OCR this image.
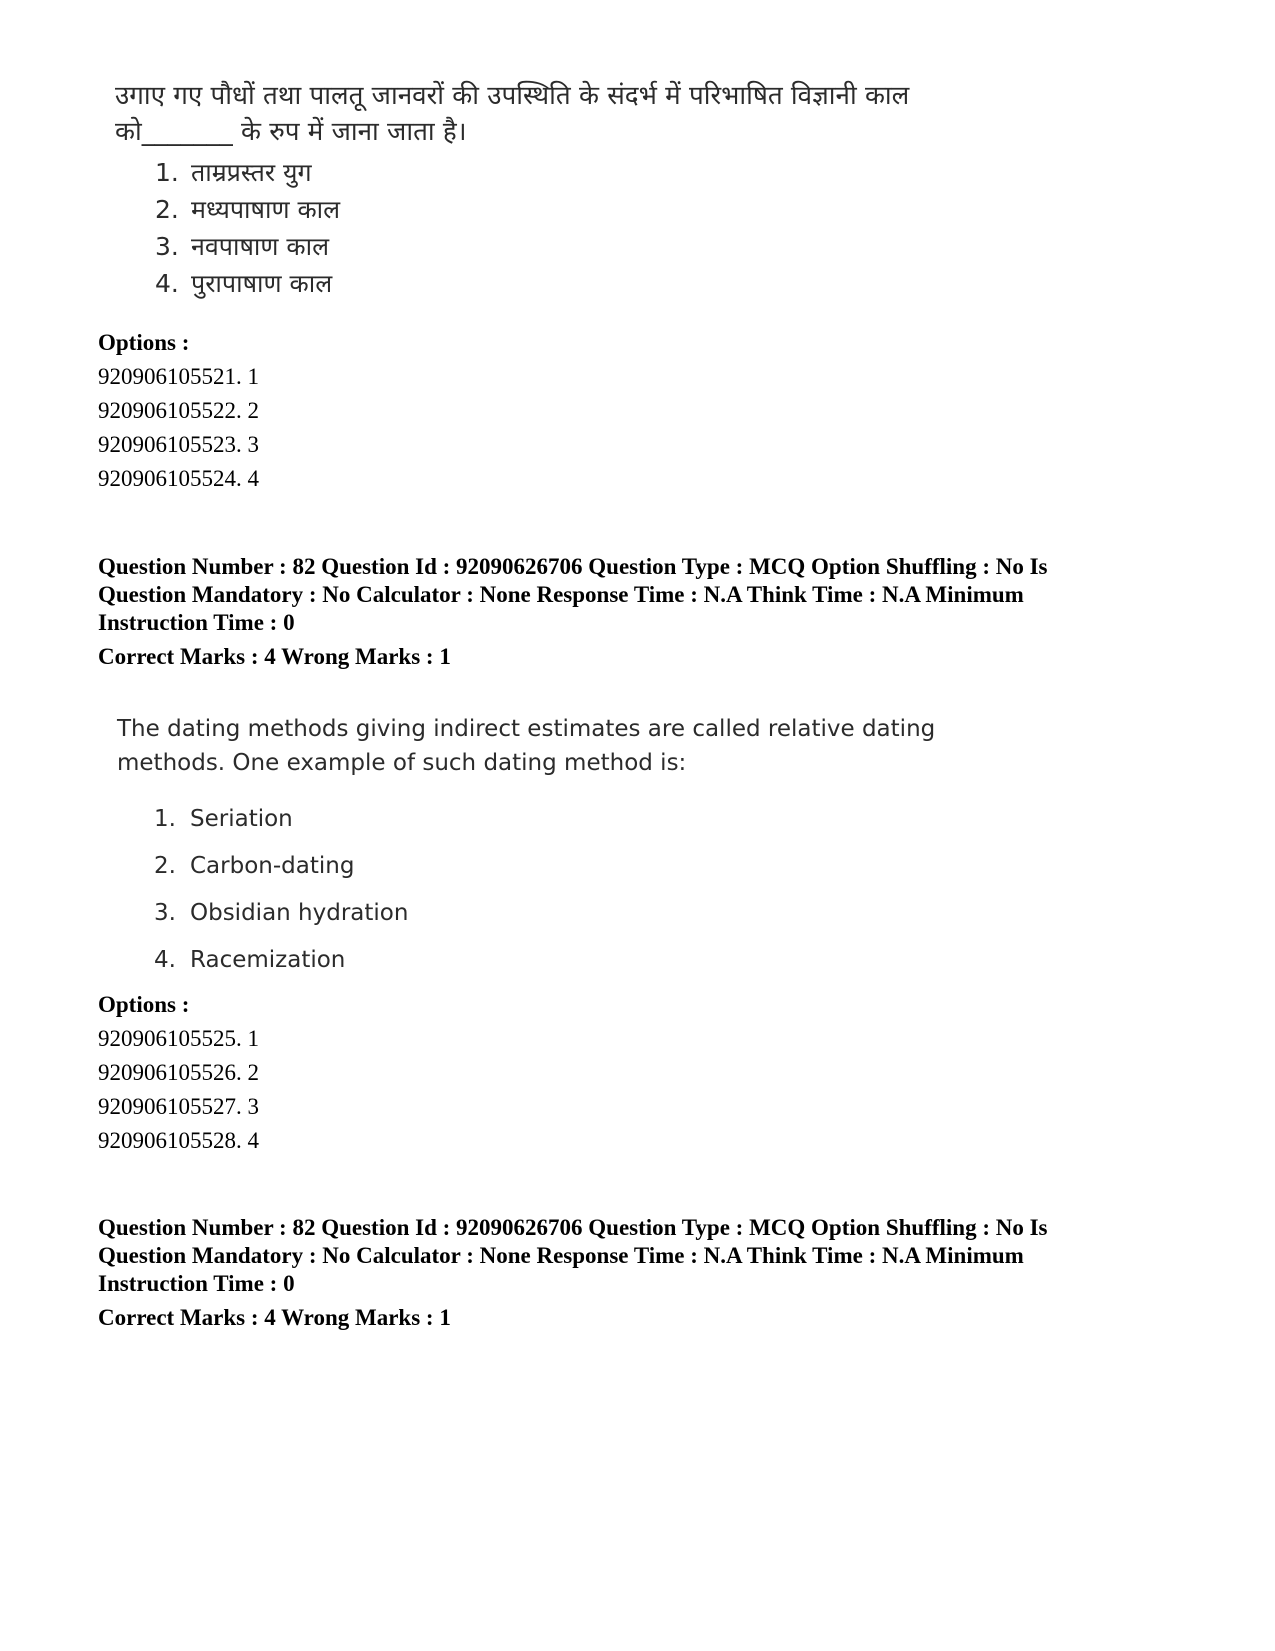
उगाए गए पौधों तथा पालतू जानवरों की उपस्थिति के संदर्भ में परिभाषित विज्ञानी काल
को_______ के रुप में जाना जाता है।

1. ताम्रप्रस्तर युग
2. मध्यपाषाण काल
3. नवपाषाण काल
4. पुरापाषाण काल
Options :
920906105521. 1
920906105522. 2
920906105523. 3
920906105524. 4
Question Number : 82 Question Id : 92090626706 Question Type : MCQ Option Shuffling : No Is
Question Mandatory : No Calculator : None Response Time : N.A Think Time : N.A Minimum
Instruction Time : 0
Correct Marks : 4 Wrong Marks : 1

The dating methods giving indirect estimates are called relative dating
methods. One example of such dating method is:

1. Seriation
2. Carbon-dating
3. Obsidian hydration
4. Racemization
Options :
920906105525. 1
920906105526. 2
920906105527. 3
920906105528. 4
Question Number : 82 Question Id : 92090626706 Question Type : MCQ Option Shuffling : No Is
Question Mandatory : No Calculator : None Response Time : N.A Think Time : N.A Minimum
Instruction Time : 0
Correct Marks : 4 Wrong Marks : 1
